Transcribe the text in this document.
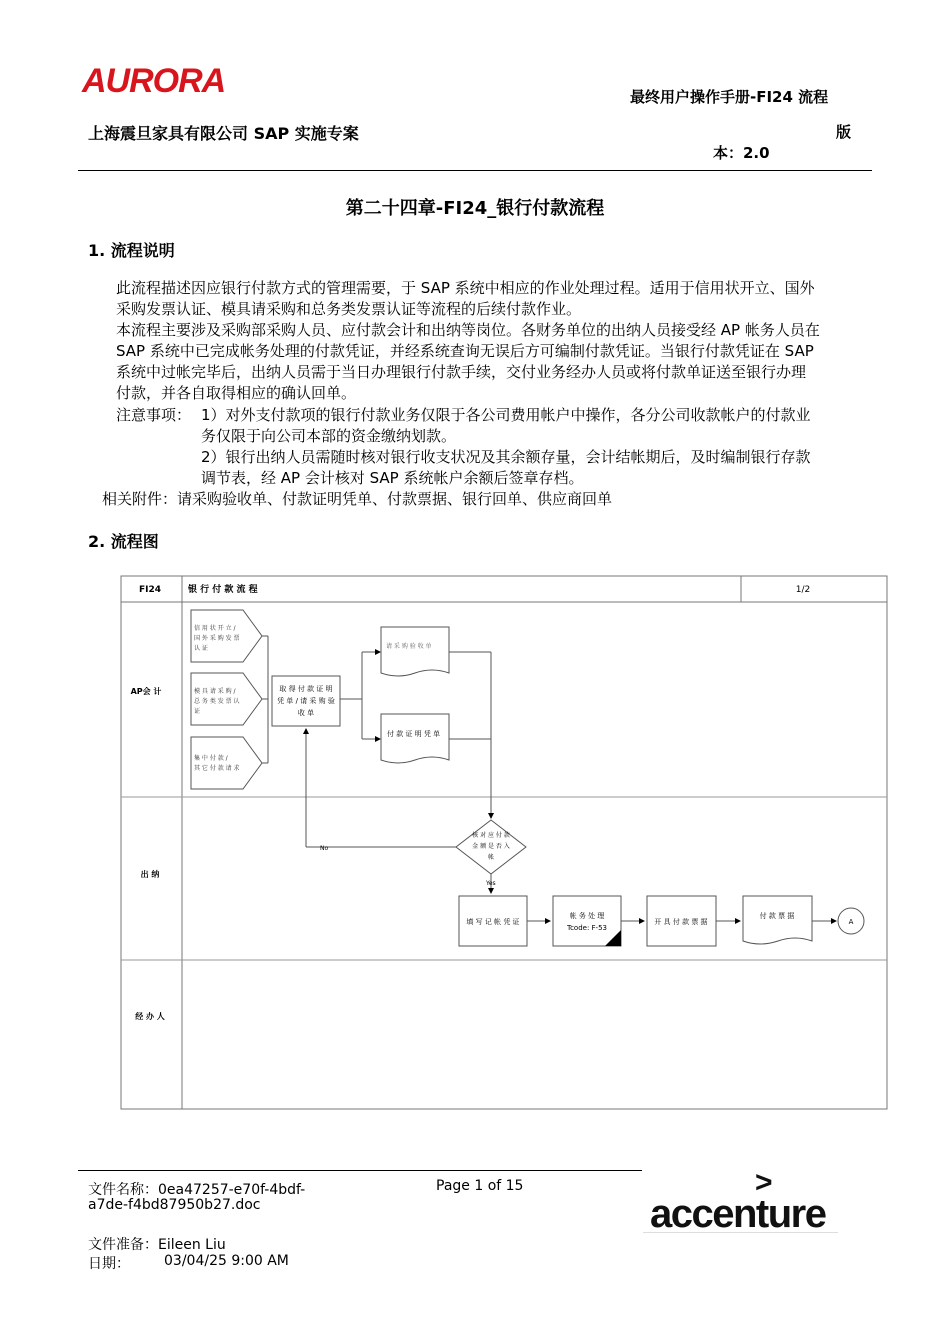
AURORA	最终用户操作手册-FI24 流程
上海震旦家具有限公司 SAP 实施专案	版
本：2.0
第二十四章-FI24_银行付款流程
1. 流程说明
此流程描述因应银行付款方式的管理需要，于 SAP 系统中相应的作业处理过程。适用于信用状开立、国外
采购发票认证、模具请采购和总务类发票认证等流程的后续付款作业。
本流程主要涉及采购部采购人员、应付款会计和出纳等岗位。各财务单位的出纳人员接受经 AP 帐务人员在
SAP 系统中已完成帐务处理的付款凭证，并经系统查询无误后方可编制付款凭证。当银行付款凭证在 SAP
系统中过帐完毕后，出纳人员需于当日办理银行付款手续，交付业务经办人员或将付款单证送至银行办理
付款，并各自取得相应的确认回单。
注意事项： 1）对外支付款项的银行付款业务仅限于各公司费用帐户中操作，各分公司收款帐户的付款业
务仅限于向公司本部的资金缴纳划款。
2）银行出纳人员需随时核对银行收支状况及其余额存量，会计结帐期后，及时编制银行存款
调节表，经 AP 会计核对 SAP 系统帐户余额后签章存档。
相关附件：请采购验收单、付款证明凭单、付款票据、银行回单、供应商回单
2. 流程图
FI24	银 行 付 款 流 程	1/2
AP会 计
出 纳
经 办 人
信 用 状 开 立 /
国 外 采 购 发 票
认 证
模 具 请 采 购 /
总 务 类 发 票 认
证
集 中 付 款 /
其 它 付 款 请 求
取 得 付 款 证 明
凭 单 / 请 采 购 验
收 单
请 采 购 验 收 单
付 款 证 明 凭 单
核 对 应 付 款
金 额 是 否 入
帐
No
Yes
填 写 记 帐 凭 证
帐 务 处 理
Tcode: F-53
开 具 付 款 票 据
付 款 票 据
A
文件名称：0ea47257-e70f-4bdf-
a7de-f4bd87950b27.doc
Page 1 of 15
文件准备：Eileen Liu
日期： 03/04/25 9:00 AM
>
accenture
